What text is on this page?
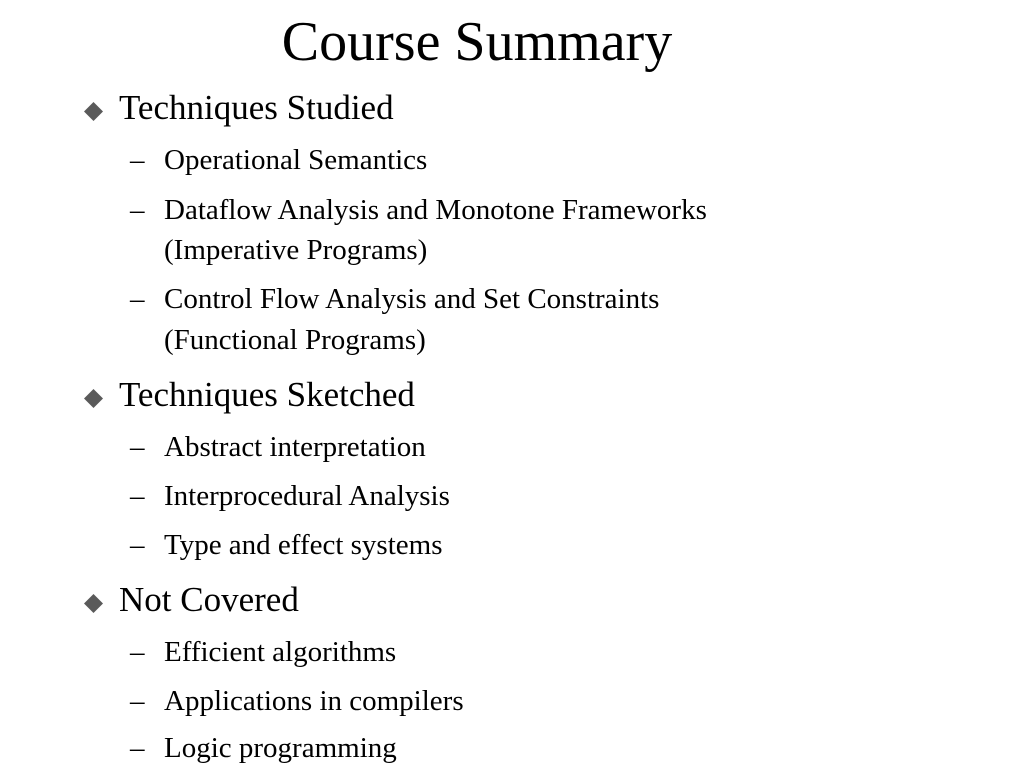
Course Summary
Techniques Studied
– Operational Semantics
– Dataflow Analysis and Monotone Frameworks
(Imperative Programs)
– Control Flow Analysis and Set Constraints
(Functional Programs)
Techniques Sketched
– Abstract interpretation
– Interprocedural Analysis
– Type and effect systems
Not Covered
– Efficient algorithms
– Applications in compilers
– Logic programming
